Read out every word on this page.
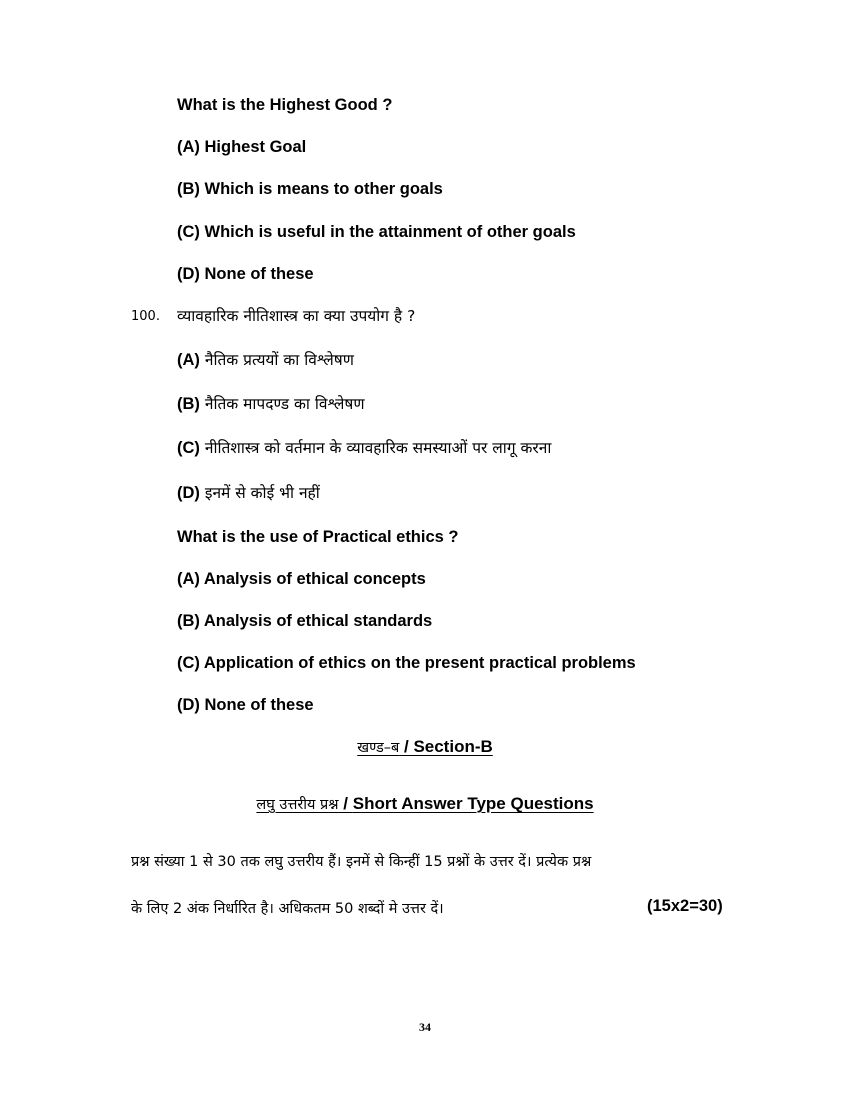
What is the Highest Good ?
(A) Highest Goal
(B) Which is means to other goals
(C) Which is useful in the attainment of other goals
(D) None of these
100. व्यावहारिक नीतिशास्त्र का क्या उपयोग है ?
(A) नैतिक प्रत्ययों का विश्लेषण
(B) नैतिक मापदण्ड का विश्लेषण
(C) नीतिशास्त्र को वर्तमान के व्यावहारिक समस्याओं पर लागू करना
(D) इनमें से कोई भी नहीं
What is the use of Practical ethics ?
(A) Analysis of ethical concepts
(B) Analysis of ethical standards
(C) Application of ethics on the present practical problems
(D) None of these
खण्ड–ब / Section-B
लघु उत्तरीय प्रश्न / Short Answer Type Questions
प्रश्न संख्या 1 से 30 तक लघु उत्तरीय हैं। इनमें से किन्हीं 15 प्रश्नों के उत्तर दें। प्रत्येक प्रश्न
के लिए 2 अंक निर्धारित है। अधिकतम 50 शब्दों मे उत्तर दें।	(15x2=30)
34
